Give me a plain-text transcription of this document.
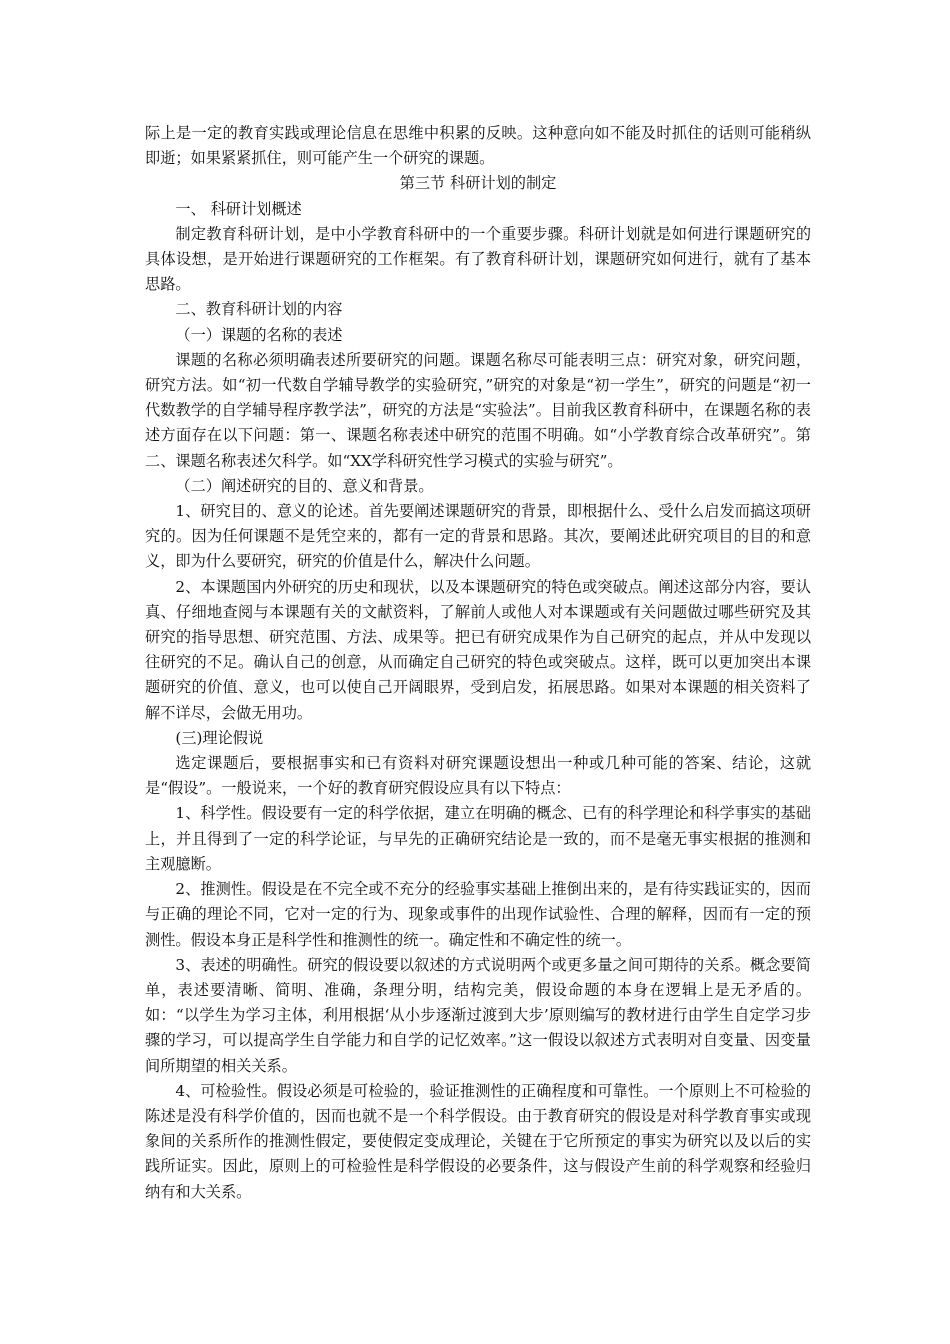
际上是一定的教育实践或理论信息在思维中积累的反映。这种意向如不能及时抓住的话则可能稍纵即逝；如果紧紧抓住，则可能产生一个研究的课题。

第三节 科研计划的制定

一、 科研计划概述

制定教育科研计划，是中小学教育科研中的一个重要步骤。科研计划就是如何进行课题研究的具体设想，是开始进行课题研究的工作框架。有了教育科研计划，课题研究如何进行，就有了基本思路。

二、教育科研计划的内容

（一）课题的名称的表述

课题的名称必须明确表述所要研究的问题。课题名称尽可能表明三点：研究对象，研究问题，研究方法。如“初一代数自学辅导教学的实验研究，”研究的对象是“初一学生”，研究的问题是“初一代数教学的自学辅导程序教学法”，研究的方法是“实验法”。目前我区教育科研中，在课题名称的表述方面存在以下问题：第一、课题名称表述中研究的范围不明确。如“小学教育综合改革研究”。第二、课题名称表述欠科学。如“XX学科研究性学习模式的实验与研究”。

（二）阐述研究的目的、意义和背景。

1、研究目的、意义的论述。首先要阐述课题研究的背景，即根据什么、受什么启发而搞这项研究的。因为任何课题不是凭空来的，都有一定的背景和思路。其次，要阐述此研究项目的目的和意义，即为什么要研究，研究的价值是什么，解决什么问题。

2、本课题国内外研究的历史和现状，以及本课题研究的特色或突破点。阐述这部分内容，要认真、仔细地查阅与本课题有关的文献资料，了解前人或他人对本课题或有关问题做过哪些研究及其研究的指导思想、研究范围、方法、成果等。把已有研究成果作为自己研究的起点，并从中发现以往研究的不足。确认自己的创意，从而确定自己研究的特色或突破点。这样，既可以更加突出本课题研究的价值、意义，也可以使自己开阔眼界，受到启发，拓展思路。如果对本课题的相关资料了解不详尽，会做无用功。

(三)理论假说

选定课题后，要根据事实和已有资料对研究课题设想出一种或几种可能的答案、结论，这就是“假设”。一般说来，一个好的教育研究假设应具有以下特点：

1、科学性。假设要有一定的科学依据，建立在明确的概念、已有的科学理论和科学事实的基础上，并且得到了一定的科学论证，与早先的正确研究结论是一致的，而不是毫无事实根据的推测和主观臆断。

2、推测性。假设是在不完全或不充分的经验事实基础上推倒出来的，是有待实践证实的，因而与正确的理论不同，它对一定的行为、现象或事件的出现作试验性、合理的解释，因而有一定的预测性。假设本身正是科学性和推测性的统一。确定性和不确定性的统一。

3、表述的明确性。研究的假设要以叙述的方式说明两个或更多量之间可期待的关系。概念要简单，表述要清晰、简明、准确，条理分明，结构完美，假设命题的本身在逻辑上是无矛盾的。如：“以学生为学习主体，利用根据‘从小步逐渐过渡到大步’原则编写的教材进行由学生自定学习步骤的学习，可以提高学生自学能力和自学的记忆效率。”这一假设以叙述方式表明对自变量、因变量间所期望的相关关系。

4、可检验性。假设必须是可检验的，验证推测性的正确程度和可靠性。一个原则上不可检验的陈述是没有科学价值的，因而也就不是一个科学假设。由于教育研究的假设是对科学教育事实或现象间的关系所作的推测性假定，要使假定变成理论，关键在于它所预定的事实为研究以及以后的实践所证实。因此，原则上的可检验性是科学假设的必要条件，这与假设产生前的科学观察和经验归纳有和大关系。
